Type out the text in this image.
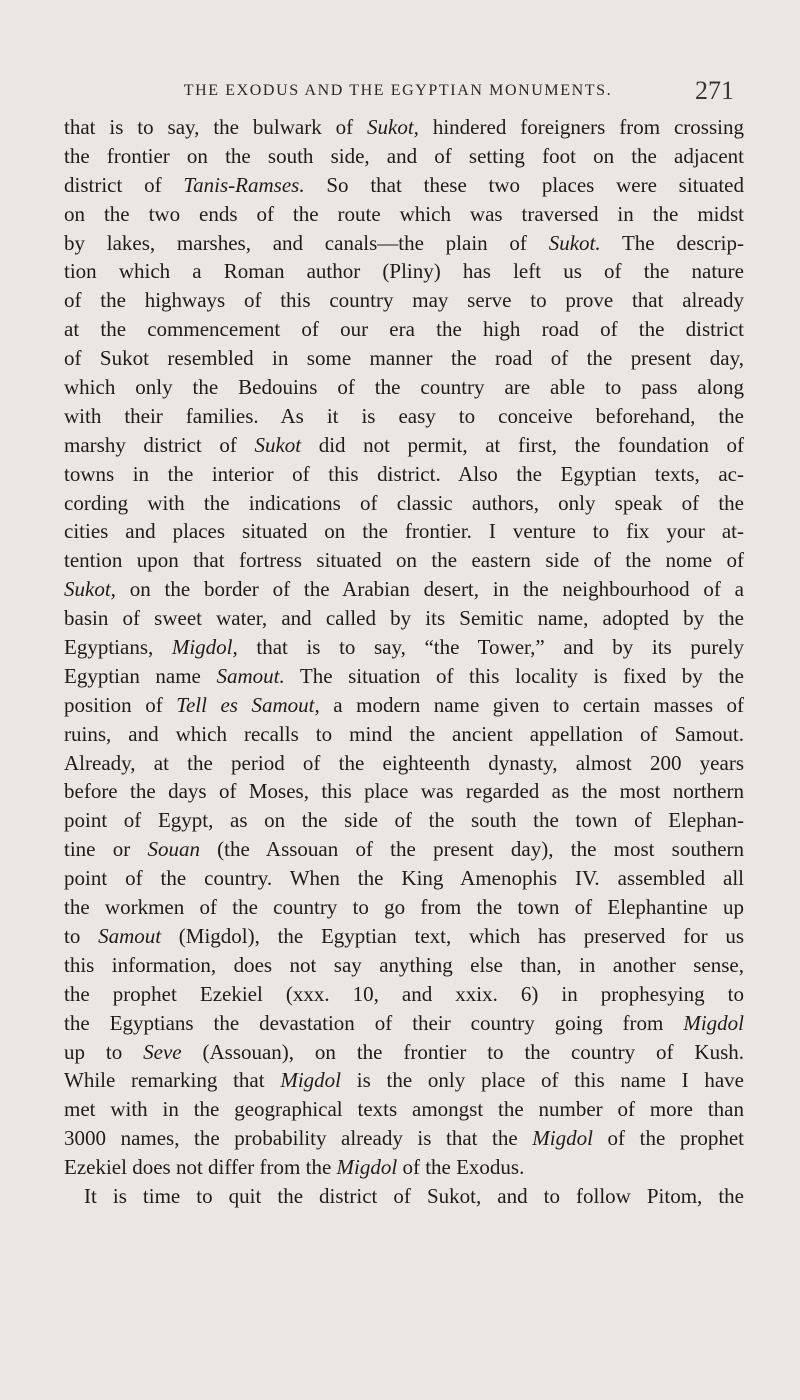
THE EXODUS AND THE EGYPTIAN MONUMENTS.	271
that is to say, the bulwark of Sukot, hindered foreigners from crossing
the frontier on the south side, and of setting foot on the adjacent
district of Tanis-Ramses. So that these two places were situated
on the two ends of the route which was traversed in the midst
by lakes, marshes, and canals—the plain of Sukot. The descrip-
tion which a Roman author (Pliny) has left us of the nature
of the highways of this country may serve to prove that already
at the commencement of our era the high road of the district
of Sukot resembled in some manner the road of the present day,
which only the Bedouins of the country are able to pass along
with their families. As it is easy to conceive beforehand, the
marshy district of Sukot did not permit, at first, the foundation of
towns in the interior of this district. Also the Egyptian texts, ac-
cording with the indications of classic authors, only speak of the
cities and places situated on the frontier. I venture to fix your at-
tention upon that fortress situated on the eastern side of the nome of
Sukot, on the border of the Arabian desert, in the neighbourhood of a
basin of sweet water, and called by its Semitic name, adopted by the
Egyptians, Migdol, that is to say, “the Tower,” and by its purely
Egyptian name Samout. The situation of this locality is fixed by the
position of Tell es Samout, a modern name given to certain masses of
ruins, and which recalls to mind the ancient appellation of Samout.
Already, at the period of the eighteenth dynasty, almost 200 years
before the days of Moses, this place was regarded as the most northern
point of Egypt, as on the side of the south the town of Elephan-
tine or Souan (the Assouan of the present day), the most southern
point of the country. When the King Amenophis IV. assembled all
the workmen of the country to go from the town of Elephantine up
to Samout (Migdol), the Egyptian text, which has preserved for us
this information, does not say anything else than, in another sense,
the prophet Ezekiel (xxx. 10, and xxix. 6) in prophesying to
the Egyptians the devastation of their country going from Migdol
up to Seve (Assouan), on the frontier to the country of Kush.
While remarking that Migdol is the only place of this name I have
met with in the geographical texts amongst the number of more than
3000 names, the probability already is that the Migdol of the prophet
Ezekiel does not differ from the Migdol of the Exodus.
It is time to quit the district of Sukot, and to follow Pitom, the
